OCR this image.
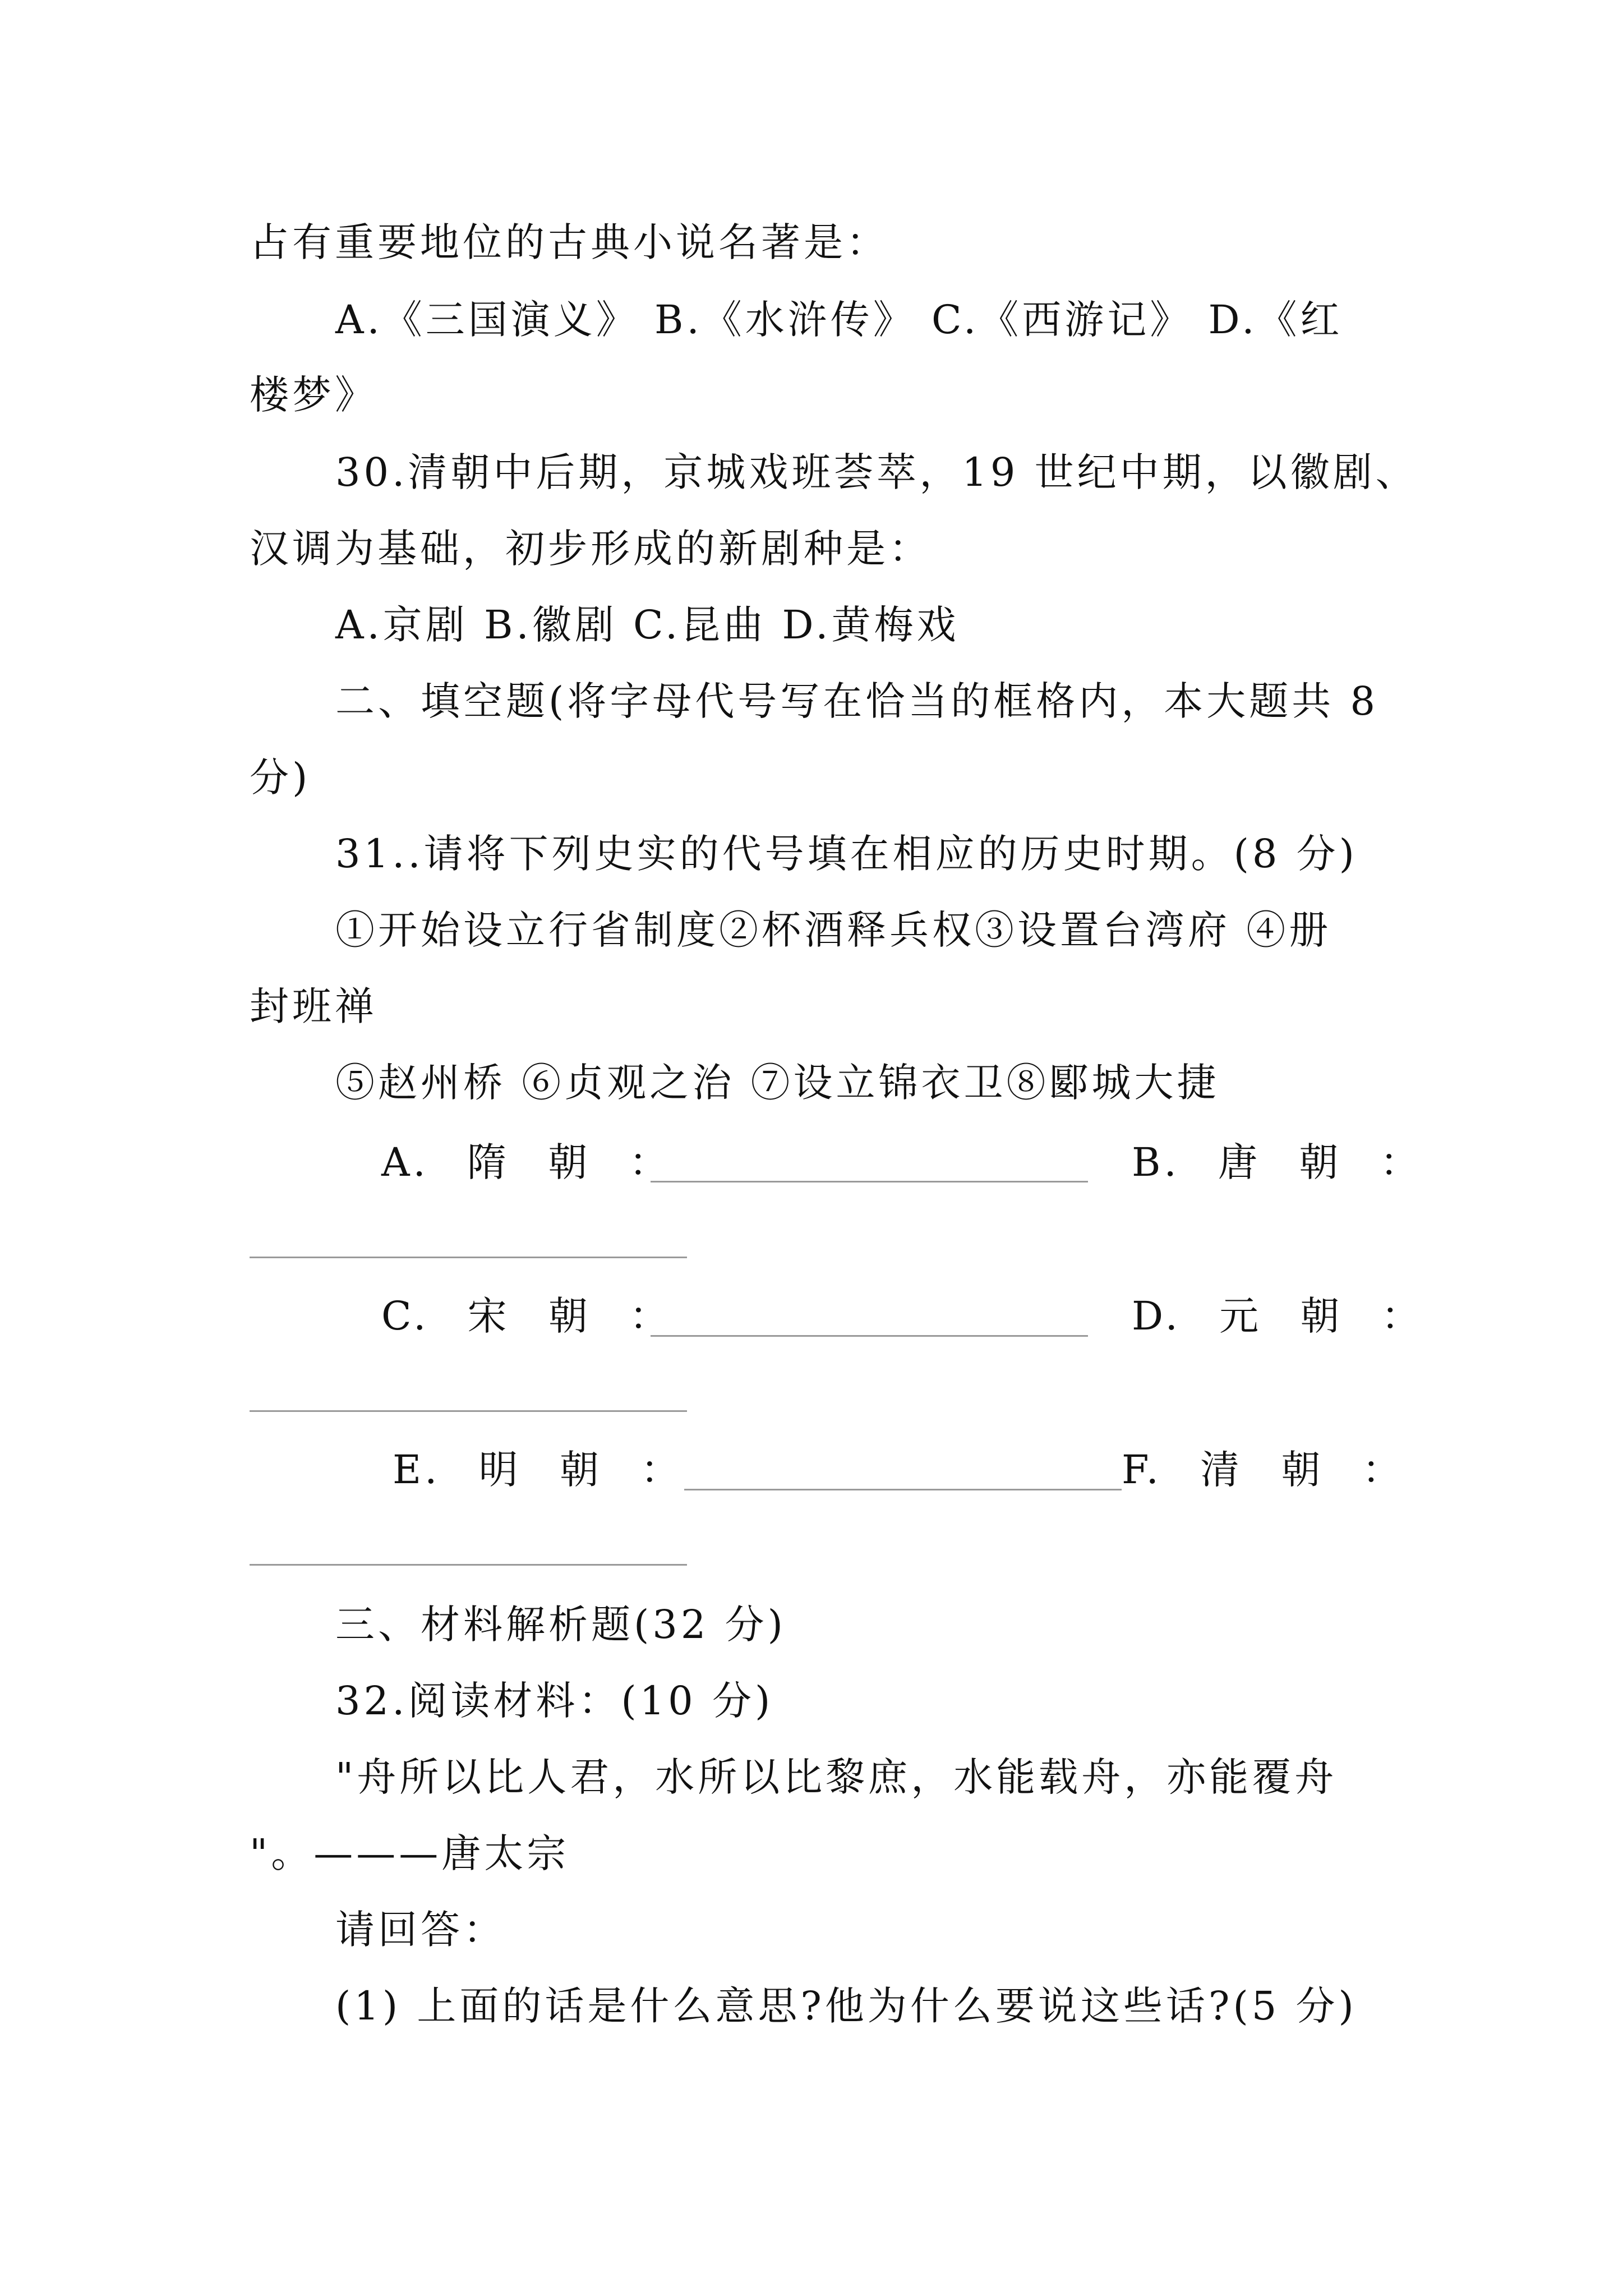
占有重要地位的古典小说名著是：
A.《三国演义》 B.《水浒传》 C.《西游记》 D.《红
楼梦》
30.清朝中后期，京城戏班荟萃，19 世纪中期，以徽剧、
汉调为基础，初步形成的新剧种是：
A.京剧 B.徽剧 C.昆曲 D.黄梅戏
二、填空题(将字母代号写在恰当的框格内，本大题共 8
分)
31..请将下列史实的代号填在相应的历史时期。(8 分)
①开始设立行省制度②杯酒释兵权③设置台湾府 ④册
封班禅
⑤赵州桥 ⑥贞观之治 ⑦设立锦衣卫⑧郾城大捷
A. 隋 朝 ：	B. 唐 朝 ：
C. 宋 朝 ：	D. 元 朝 ：
E. 明 朝 ：	F. 清 朝 ：
三、材料解析题(32 分)
32.阅读材料：(10 分)
"舟所以比人君，水所以比黎庶，水能载舟，亦能覆舟
"。———唐太宗
请回答：
(1) 上面的话是什么意思?他为什么要说这些话?(5 分)
